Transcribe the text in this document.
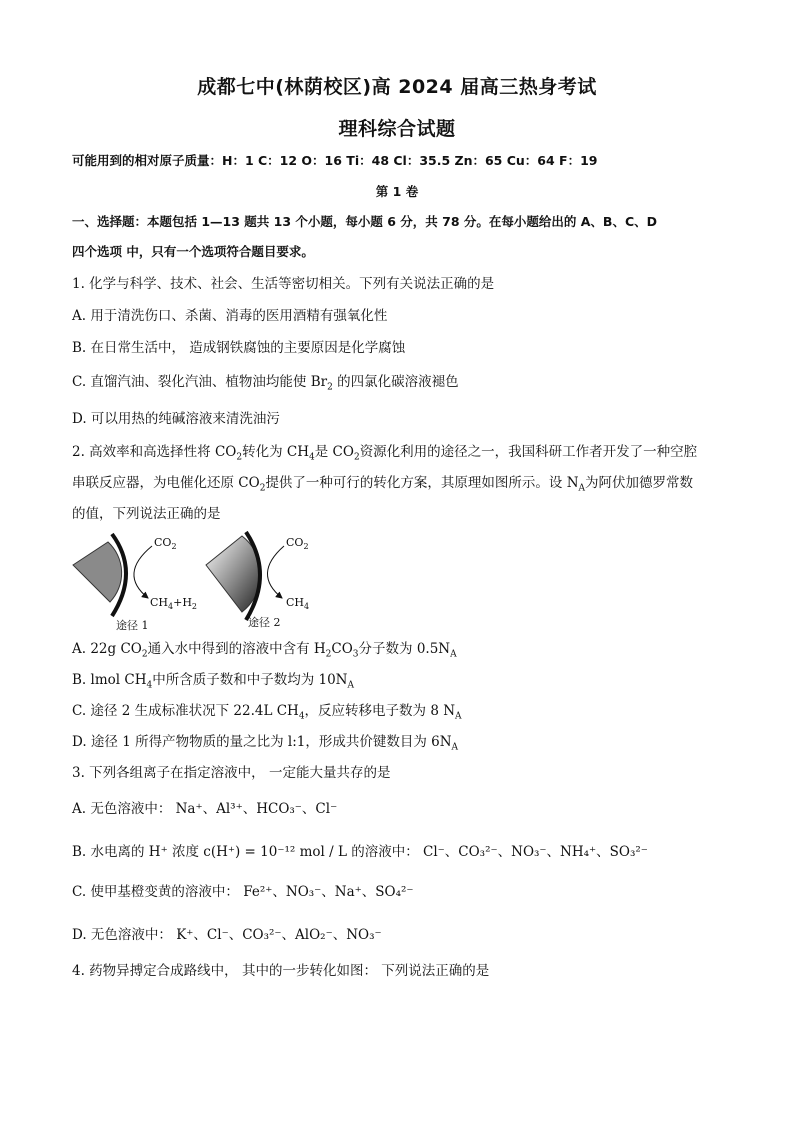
成都七中(林荫校区)高 2024 届高三热身考试
理科综合试题
可能用到的相对原子质量：H：1 C：12 O：16 Ti：48 Cl：35.5 Zn：65 Cu：64 F：19
第 1 卷
一、选择题：本题包括 1—13 题共 13 个小题，每小题 6 分，共 78 分。在每小题给出的 A、B、C、D
四个选项 中，只有一个选项符合题目要求。
1. 化学与科学、技术、社会、生活等密切相关。下列有关说法正确的是
A. 用于清洗伤口、杀菌、消毒的医用酒精有强氧化性
B. 在日常生活中， 造成钢铁腐蚀的主要原因是化学腐蚀
C. 直馏汽油、裂化汽油、植物油均能使 $Br_2$ 的四氯化碳溶液褪色
D. 可以用热的纯碱溶液来清洗油污
2. 高效率和高选择性将 $CO_2$转化为 $CH_4$是 $CO_2$资源化利用的途径之一，我国科研工作者开发了一种空腔
串联反应器，为电催化还原 $CO_2$提供了一种可行的转化方案，其原理如图所示。设 $N_A$为阿伏加德罗常数
的值，下列说法正确的是
$CO_2$
$CH_4+H_2$
途径 1
$CO_2$
$CH_4$
途径 2
A. 22g $CO_2$通入水中得到的溶液中含有 $H_2CO_3$分子数为 $0.5N_A$
B. lmol $CH_4$中所含质子数和中子数均为 $10N_A$
C. 途径 2 生成标准状况下 22.4L $CH_4$，反应转移电子数为 8 $N_A$
D. 途径 1 所得产物物质的量之比为 l:1，形成共价键数目为 $6N_A$
3. 下列各组离子在指定溶液中， 一定能大量共存的是
A. 无色溶液中： Na⁺、Al³⁺、HCO₃⁻、Cl⁻
B. 水电离的 H⁺ 浓度 c(H⁺) = 10⁻¹² mol / L 的溶液中： Cl⁻、CO₃²⁻、NO₃⁻、NH₄⁺、SO₃²⁻
C. 使甲基橙变黄的溶液中： Fe²⁺、NO₃⁻、Na⁺、SO₄²⁻
D. 无色溶液中： K⁺、Cl⁻、CO₃²⁻、AlO₂⁻、NO₃⁻
4. 药物异搏定合成路线中， 其中的一步转化如图： 下列说法正确的是
